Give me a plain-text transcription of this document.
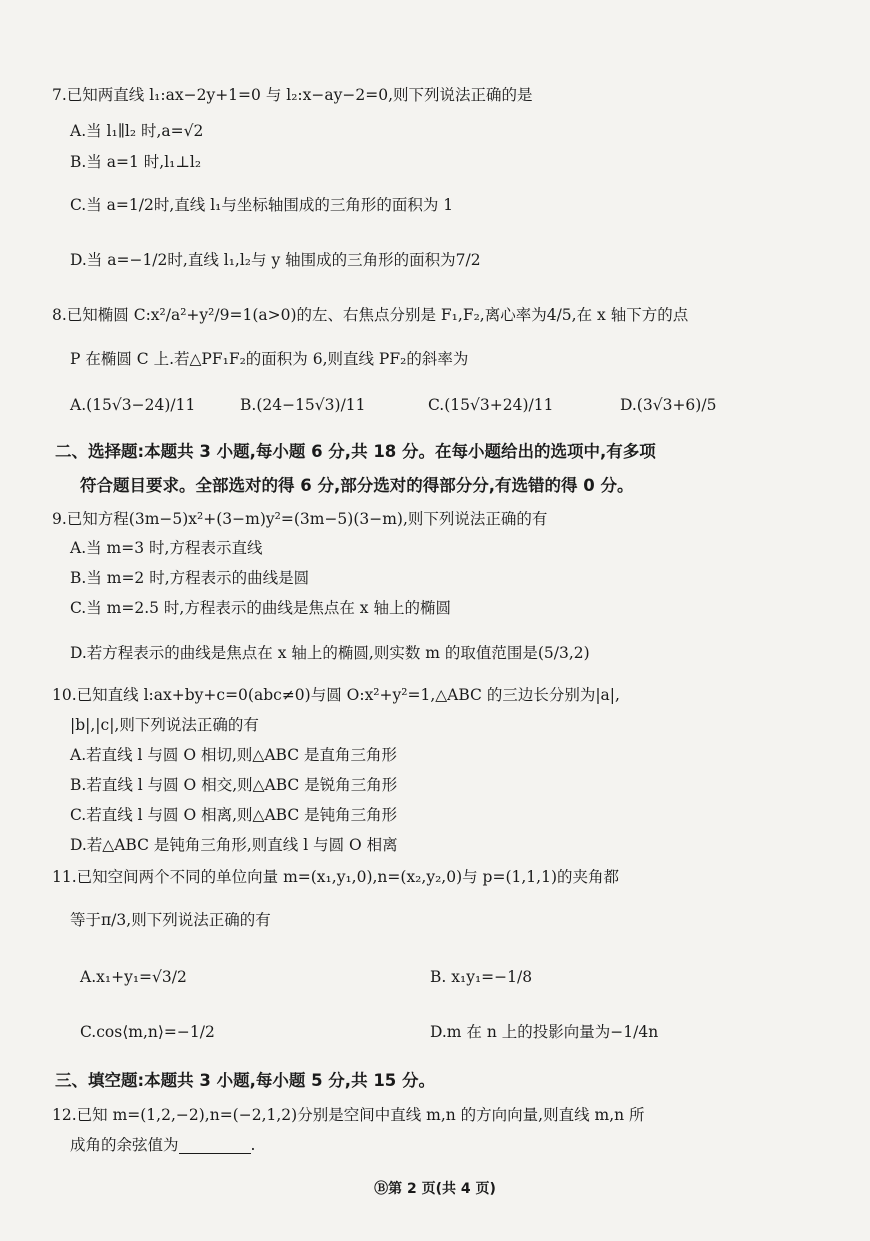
7.已知两直线 l₁:ax−2y+1=0 与 l₂:x−ay−2=0,则下列说法正确的是
A.当 l₁∥l₂ 时,a=√2
B.当 a=1 时,l₁⊥l₂
C.当 a=1/2时,直线 l₁与坐标轴围成的三角形的面积为 1
D.当 a=−1/2时,直线 l₁,l₂与 y 轴围成的三角形的面积为7/2
8.已知椭圆 C:x²/a²+y²/9=1(a>0)的左、右焦点分别是 F₁,F₂,离心率为4/5,在 x 轴下方的点
P 在椭圆 C 上.若△PF₁F₂的面积为 6,则直线 PF₂的斜率为
A.(15√3−24)/11	B.(24−15√3)/11	C.(15√3+24)/11	D.(3√3+6)/5
二、选择题:本题共 3 小题,每小题 6 分,共 18 分。在每小题给出的选项中,有多项
符合题目要求。全部选对的得 6 分,部分选对的得部分分,有选错的得 0 分。
9.已知方程(3m−5)x²+(3−m)y²=(3m−5)(3−m),则下列说法正确的有
A.当 m=3 时,方程表示直线
B.当 m=2 时,方程表示的曲线是圆
C.当 m=2.5 时,方程表示的曲线是焦点在 x 轴上的椭圆
D.若方程表示的曲线是焦点在 x 轴上的椭圆,则实数 m 的取值范围是(5/3,2)
10.已知直线 l:ax+by+c=0(abc≠0)与圆 O:x²+y²=1,△ABC 的三边长分别为|a|,
|b|,|c|,则下列说法正确的有
A.若直线 l 与圆 O 相切,则△ABC 是直角三角形
B.若直线 l 与圆 O 相交,则△ABC 是锐角三角形
C.若直线 l 与圆 O 相离,则△ABC 是钝角三角形
D.若△ABC 是钝角三角形,则直线 l 与圆 O 相离
11.已知空间两个不同的单位向量 m=(x₁,y₁,0),n=(x₂,y₂,0)与 p=(1,1,1)的夹角都
等于π/3,则下列说法正确的有
A.x₁+y₁=√3/2	B. x₁y₁=−1/8
C.cos⟨m,n⟩=−1/2	D.m 在 n 上的投影向量为−1/4n
三、填空题:本题共 3 小题,每小题 5 分,共 15 分。
12.已知 m=(1,2,−2),n=(−2,1,2)分别是空间中直线 m,n 的方向向量,则直线 m,n 所
成角的余弦值为	.
Ⓑ第 2 页(共 4 页)
